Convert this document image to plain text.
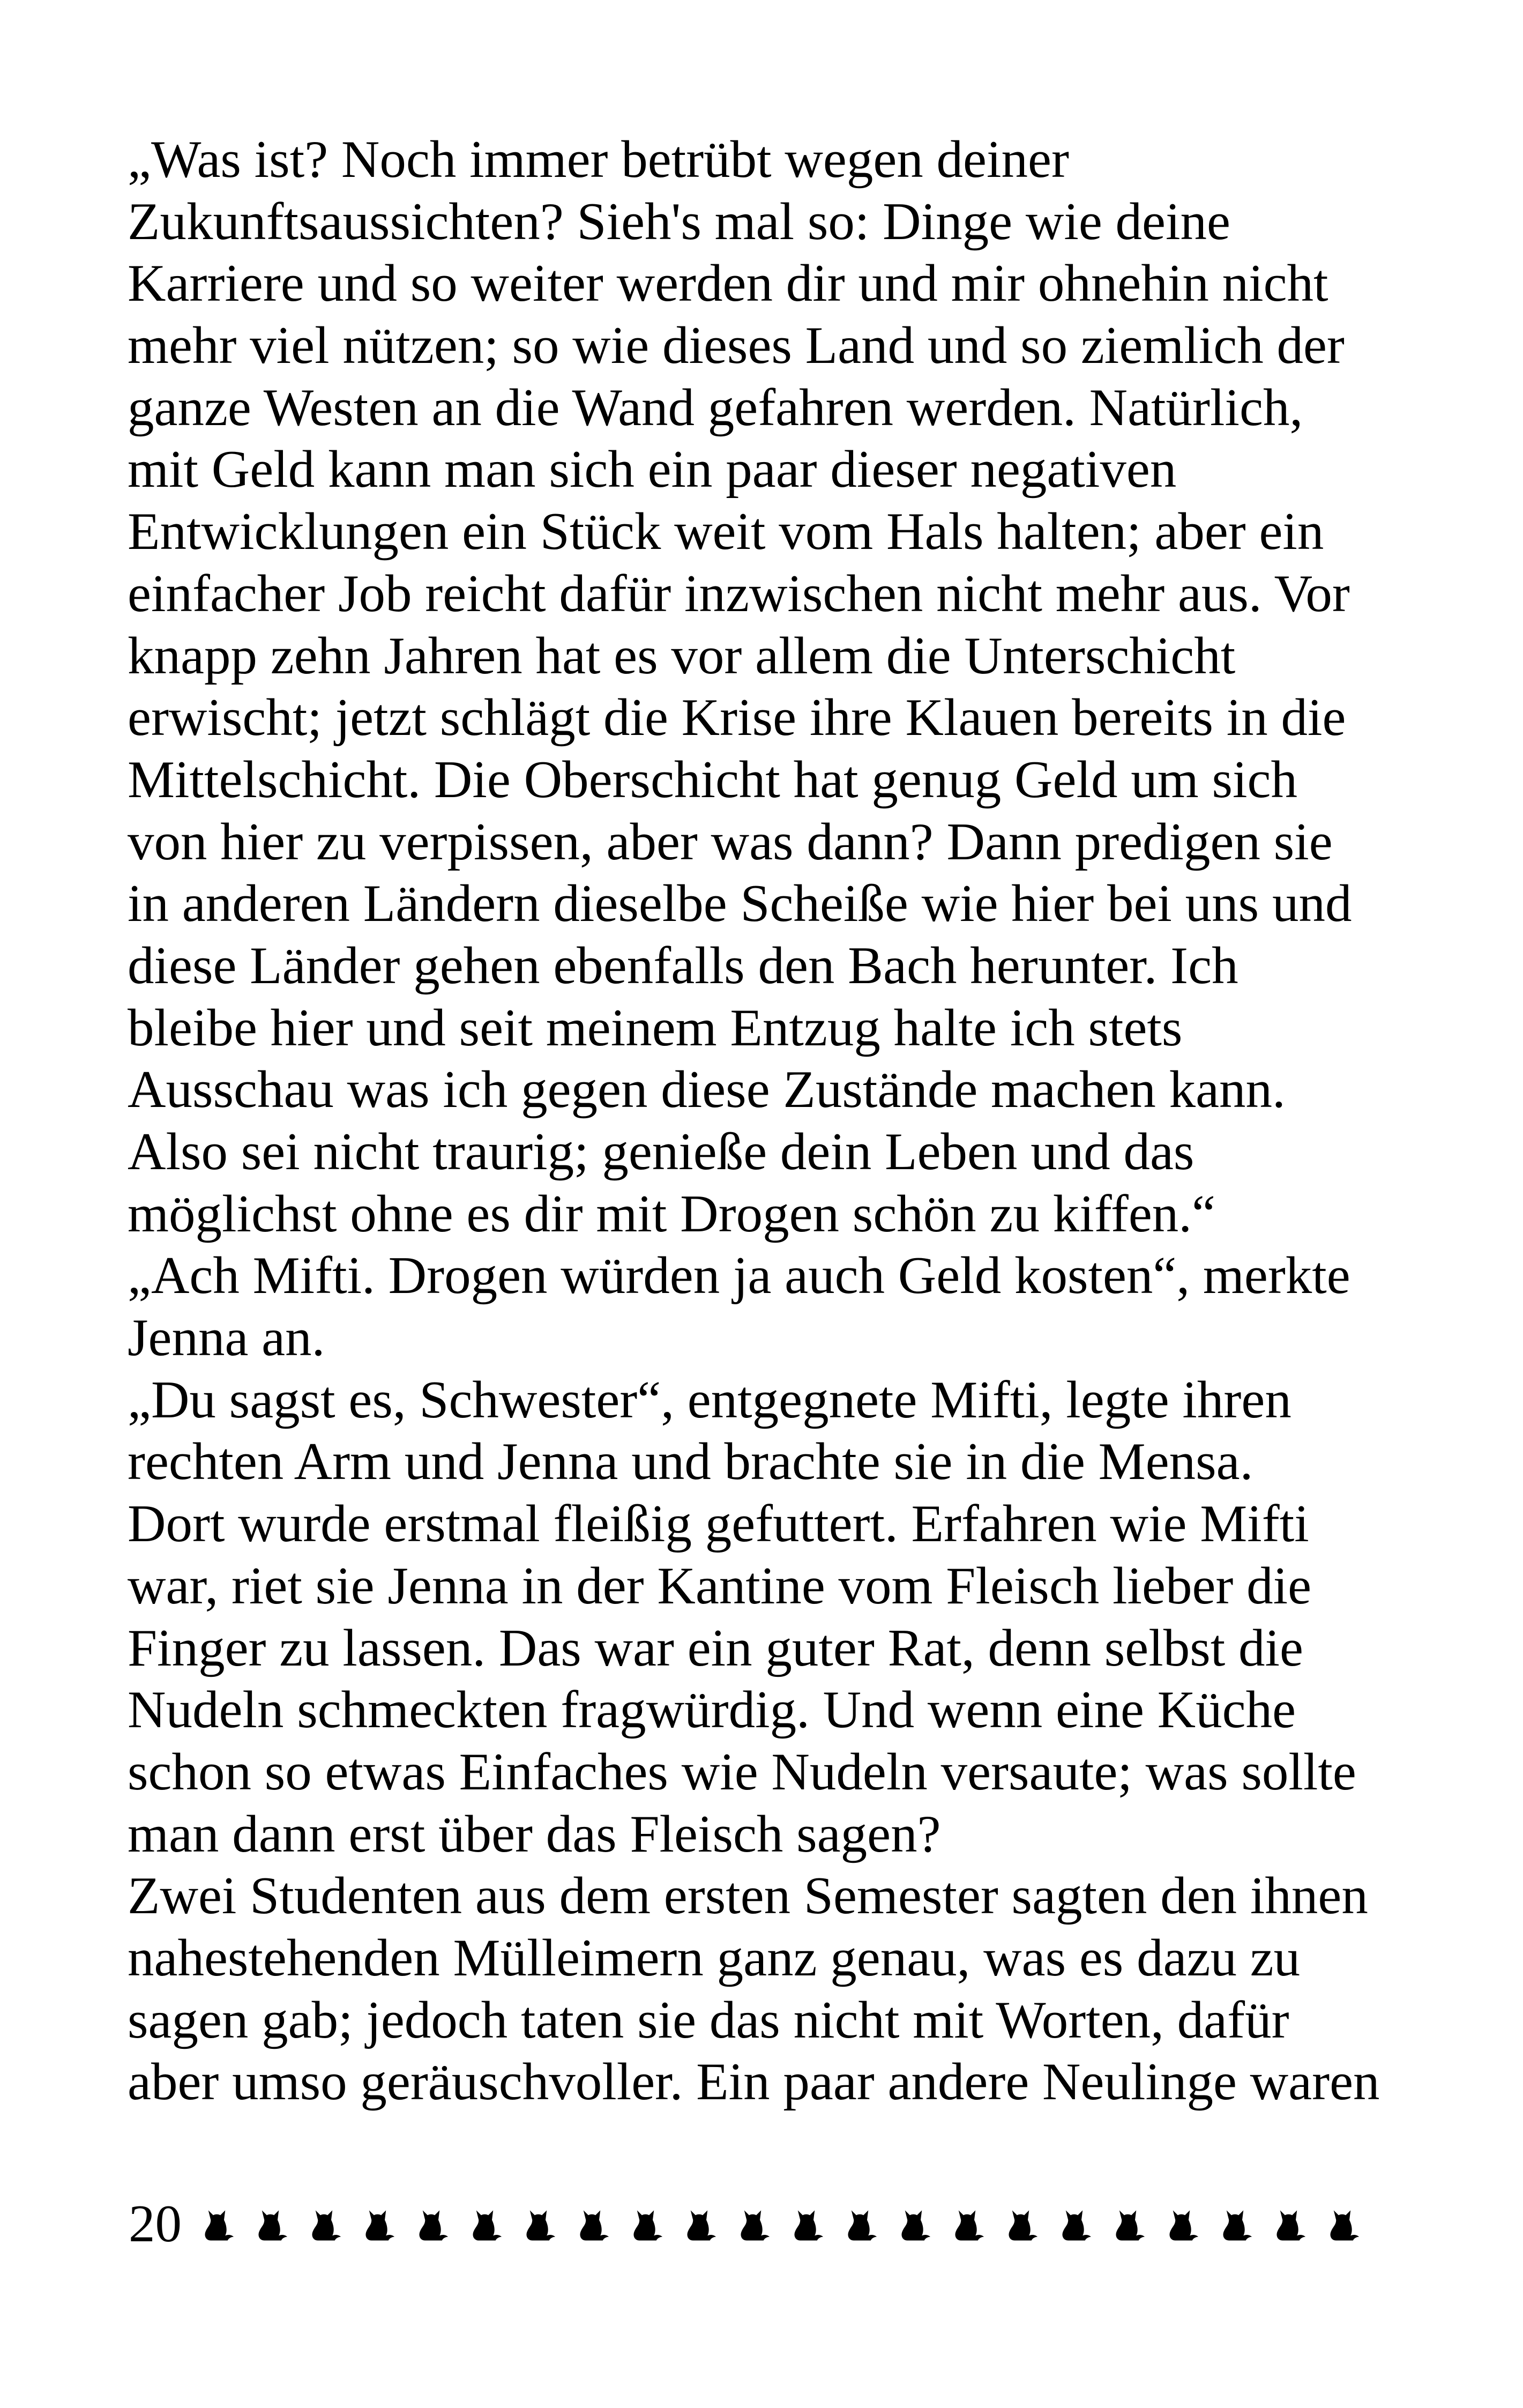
„Was ist? Noch immer betrübt wegen deiner
Zukunftsaussichten? Sieh's mal so: Dinge wie deine
Karriere und so weiter werden dir und mir ohnehin nicht
mehr viel nützen; so wie dieses Land und so ziemlich der
ganze Westen an die Wand gefahren werden. Natürlich,
mit Geld kann man sich ein paar dieser negativen
Entwicklungen ein Stück weit vom Hals halten; aber ein
einfacher Job reicht dafür inzwischen nicht mehr aus. Vor
knapp zehn Jahren hat es vor allem die Unterschicht
erwischt; jetzt schlägt die Krise ihre Klauen bereits in die
Mittelschicht. Die Oberschicht hat genug Geld um sich
von hier zu verpissen, aber was dann? Dann predigen sie
in anderen Ländern dieselbe Scheiße wie hier bei uns und
diese Länder gehen ebenfalls den Bach herunter. Ich
bleibe hier und seit meinem Entzug halte ich stets
Ausschau was ich gegen diese Zustände machen kann.
Also sei nicht traurig; genieße dein Leben und das
möglichst ohne es dir mit Drogen schön zu kiffen.“
„Ach Mifti. Drogen würden ja auch Geld kosten“, merkte
Jenna an.
„Du sagst es, Schwester“, entgegnete Mifti, legte ihren
rechten Arm und Jenna und brachte sie in die Mensa.
Dort wurde erstmal fleißig gefuttert. Erfahren wie Mifti
war, riet sie Jenna in der Kantine vom Fleisch lieber die
Finger zu lassen. Das war ein guter Rat, denn selbst die
Nudeln schmeckten fragwürdig. Und wenn eine Küche
schon so etwas Einfaches wie Nudeln versaute; was sollte
man dann erst über das Fleisch sagen?
Zwei Studenten aus dem ersten Semester sagten den ihnen
nahestehenden Mülleimern ganz genau, was es dazu zu
sagen gab; jedoch taten sie das nicht mit Worten, dafür
aber umso geräuschvoller. Ein paar andere Neulinge waren
20
